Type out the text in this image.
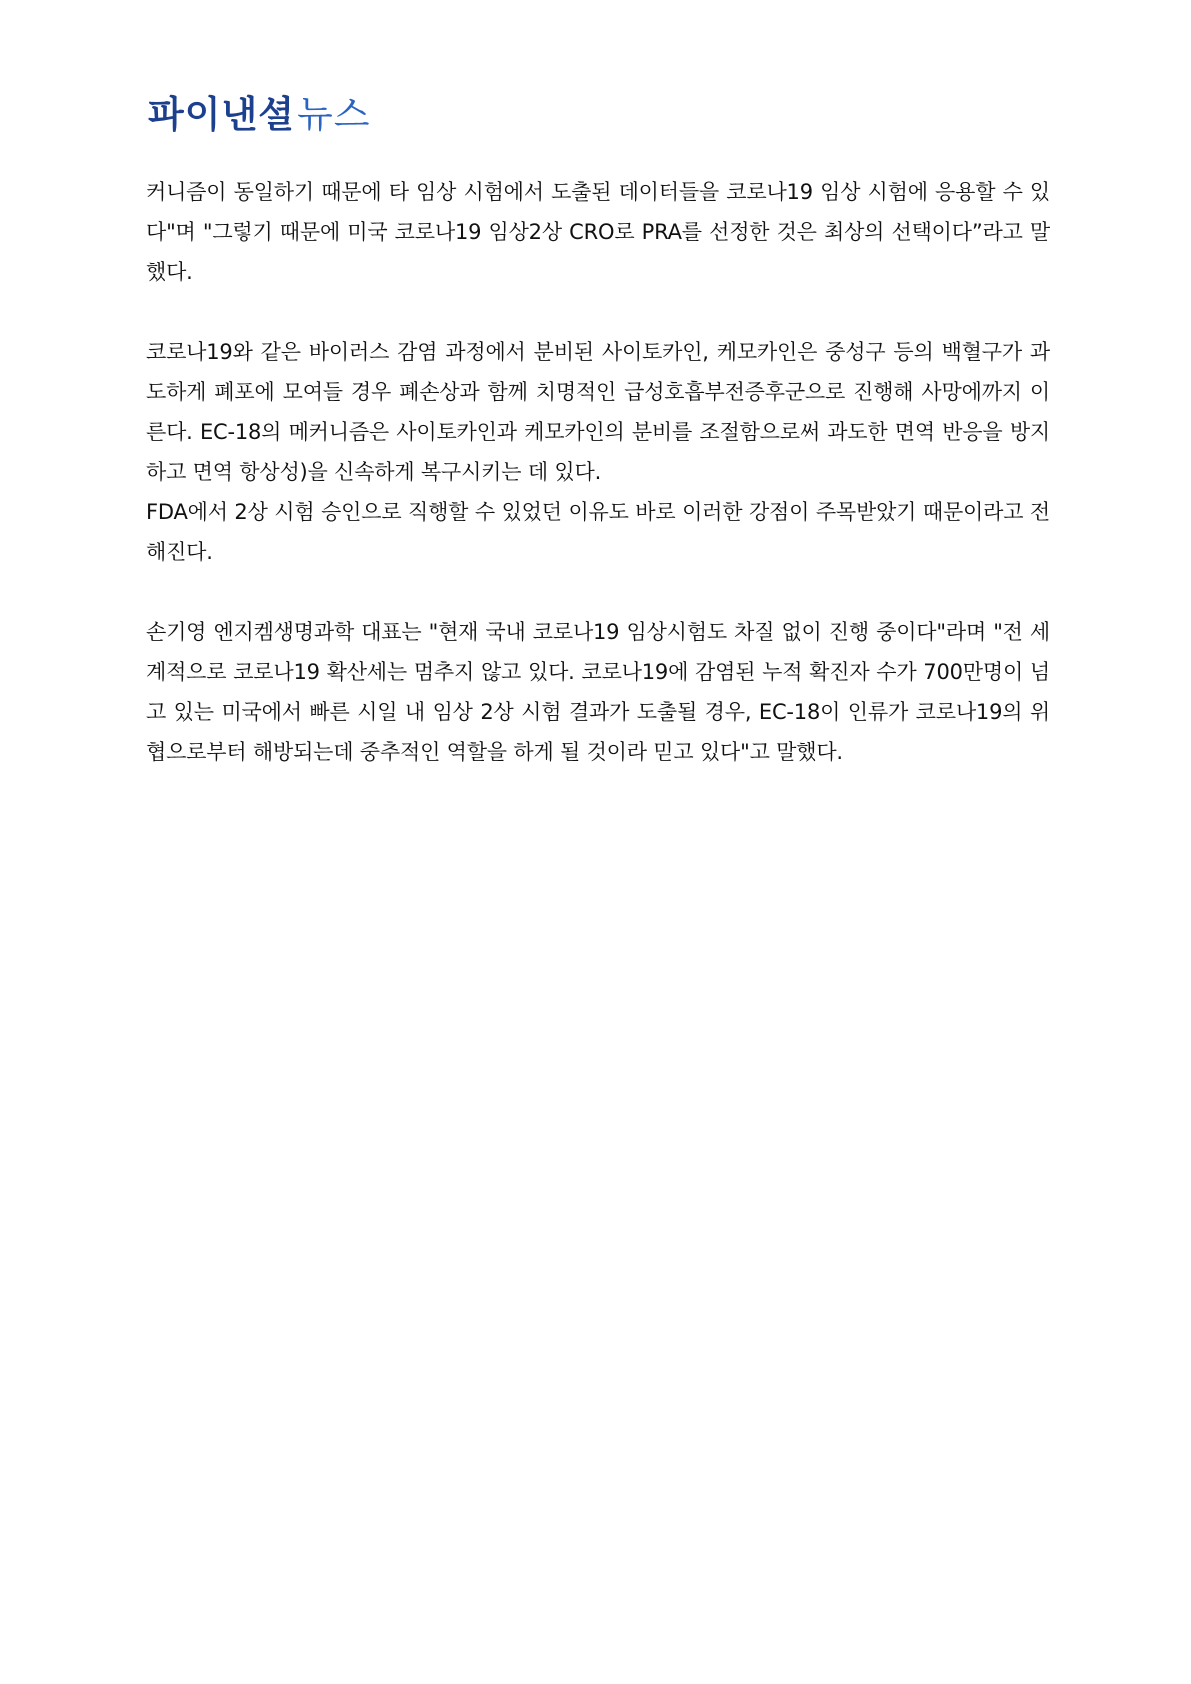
파이낸셜뉴스

커니즘이 동일하기 때문에 타 임상 시험에서 도출된 데이터들을 코로나19 임상 시험에 응용할 수 있다"며 "그렇기 때문에 미국 코로나19 임상2상 CRO로 PRA를 선정한 것은 최상의 선택이다”라고 말했다.

코로나19와 같은 바이러스 감염 과정에서 분비된 사이토카인, 케모카인은 중성구 등의 백혈구가 과도하게 폐포에 모여들 경우 폐손상과 함께 치명적인 급성호흡부전증후군으로 진행해 사망에까지 이른다. EC-18의 메커니즘은 사이토카인과 케모카인의 분비를 조절함으로써 과도한 면역 반응을 방지하고 면역 항상성)을 신속하게 복구시키는 데 있다.

FDA에서 2상 시험 승인으로 직행할 수 있었던 이유도 바로 이러한 강점이 주목받았기 때문이라고 전해진다.

손기영 엔지켐생명과학 대표는 "현재 국내 코로나19 임상시험도 차질 없이 진행 중이다"라며 "전 세계적으로 코로나19 확산세는 멈추지 않고 있다. 코로나19에 감염된 누적 확진자 수가 700만명이 넘고 있는 미국에서 빠른 시일 내 임상 2상 시험 결과가 도출될 경우, EC-18이 인류가 코로나19의 위협으로부터 해방되는데 중추적인 역할을 하게 될 것이라 믿고 있다"고 말했다.
